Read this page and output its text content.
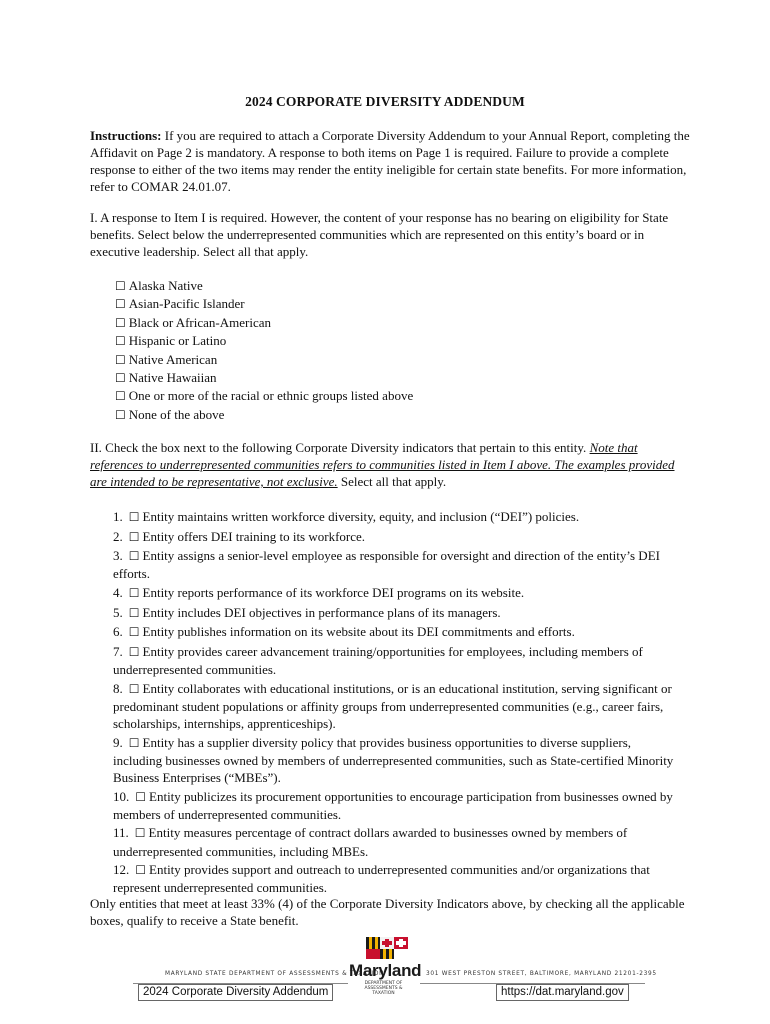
2024 CORPORATE DIVERSITY ADDENDUM
Instructions: If you are required to attach a Corporate Diversity Addendum to your Annual Report, completing the Affidavit on Page 2 is mandatory. A response to both items on Page 1 is required. Failure to provide a complete response to either of the two items may render the entity ineligible for certain state benefits. For more information, refer to COMAR 24.01.07.
I. A response to Item I is required. However, the content of your response has no bearing on eligibility for State benefits. Select below the underrepresented communities which are represented on this entity’s board or in executive leadership. Select all that apply.
☐ Alaska Native
☐ Asian-Pacific Islander
☐ Black or African-American
☐ Hispanic or Latino
☐ Native American
☐ Native Hawaiian
☐ One or more of the racial or ethnic groups listed above
☐ None of the above
II. Check the box next to the following Corporate Diversity indicators that pertain to this entity. Note that references to underrepresented communities refers to communities listed in Item I above. The examples provided are intended to be representative, not exclusive. Select all that apply.
1. ☐ Entity maintains written workforce diversity, equity, and inclusion (“DEI”) policies.
2. ☐ Entity offers DEI training to its workforce.
3. ☐ Entity assigns a senior-level employee as responsible for oversight and direction of the entity’s DEI efforts.
4. ☐ Entity reports performance of its workforce DEI programs on its website.
5. ☐ Entity includes DEI objectives in performance plans of its managers.
6. ☐ Entity publishes information on its website about its DEI commitments and efforts.
7. ☐ Entity provides career advancement training/opportunities for employees, including members of underrepresented communities.
8. ☐ Entity collaborates with educational institutions, or is an educational institution, serving significant or predominant student populations or affinity groups from underrepresented communities (e.g., career fairs, scholarships, internships, apprenticeships).
9. ☐ Entity has a supplier diversity policy that provides business opportunities to diverse suppliers, including businesses owned by members of underrepresented communities, such as State-certified Minority Business Enterprises (“MBEs”).
10. ☐ Entity publicizes its procurement opportunities to encourage participation from businesses owned by members of underrepresented communities.
11. ☐ Entity measures percentage of contract dollars awarded to businesses owned by members of underrepresented communities, including MBEs.
12. ☐ Entity provides support and outreach to underrepresented communities and/or organizations that represent underrepresented communities.
Only entities that meet at least 33% (4) of the Corporate Diversity Indicators above, by checking all the applicable boxes, qualify to receive a State benefit.
MARYLAND STATE DEPARTMENT OF ASSESSMENTS & TAXATION	301 WEST PRESTON STREET, BALTIMORE, MARYLAND 21201-2395
Maryland
DEPARTMENT OF ASSESSMENTS & TAXATION
2024 Corporate Diversity Addendum	https://dat.maryland.gov
